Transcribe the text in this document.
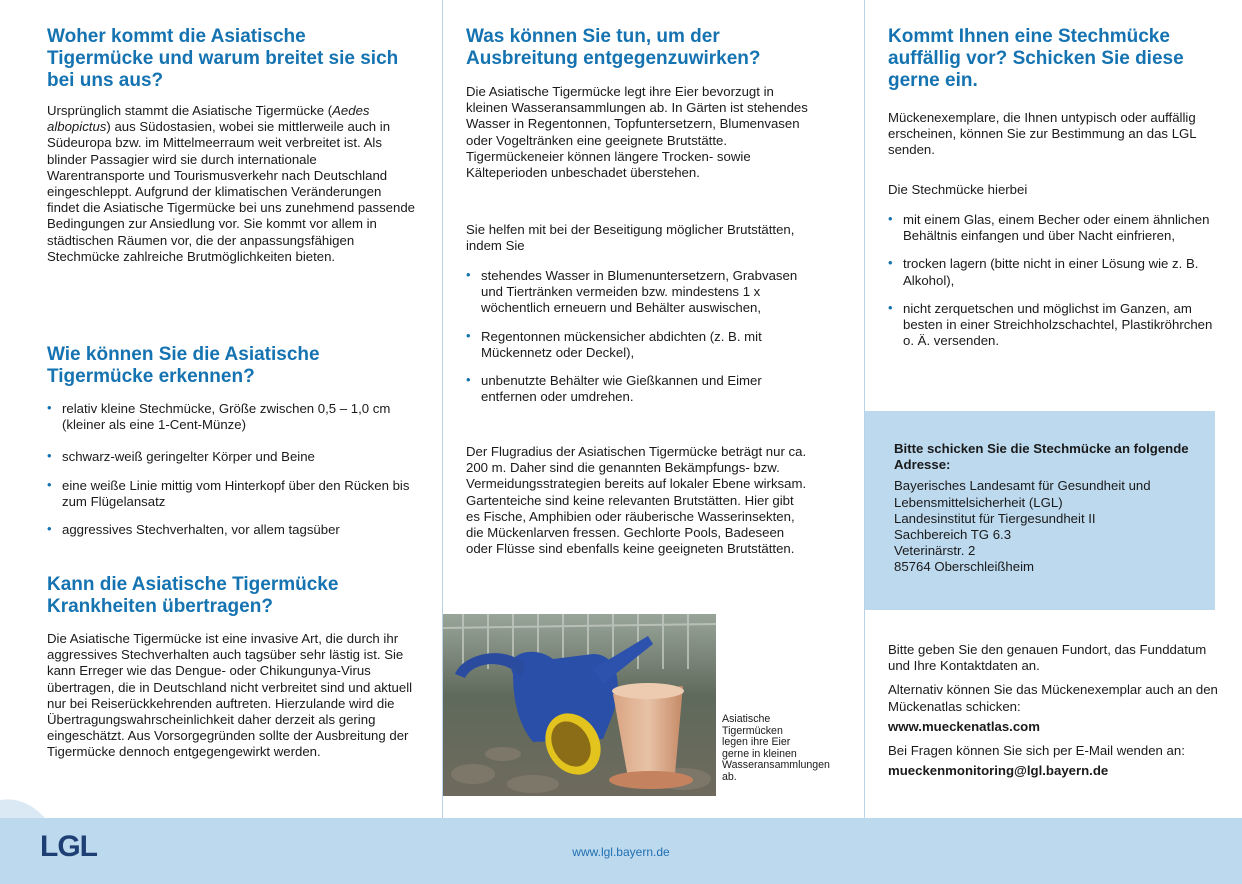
Woher kommt die Asiatische Tigermücke und warum breitet sie sich bei uns aus?

Ursprünglich stammt die Asiatische Tigermücke (Aedes albopictus) aus Südostasien, wobei sie mittlerweile auch in Südeuropa bzw. im Mittelmeerraum weit verbreitet ist. Als blinder Passagier wird sie durch internationale Warentransporte und Tourismusverkehr nach Deutschland eingeschleppt. Aufgrund der klimatischen Veränderungen findet die Asiatische Tigermücke bei uns zunehmend passende Bedingungen zur Ansiedlung vor. Sie kommt vor allem in städtischen Räumen vor, die der anpassungsfähigen Stechmücke zahlreiche Brutmöglichkeiten bieten.

Wie können Sie die Asiatische Tigermücke erkennen?
• relativ kleine Stechmücke, Größe zwischen 0,5 – 1,0 cm (kleiner als eine 1-Cent-Münze)
• schwarz-weiß geringelter Körper und Beine
• eine weiße Linie mittig vom Hinterkopf über den Rücken bis zum Flügelansatz
• aggressives Stechverhalten, vor allem tagsüber
Kann die Asiatische Tigermücke Krankheiten übertragen?

Die Asiatische Tigermücke ist eine invasive Art, die durch ihr aggressives Stechverhalten auch tagsüber sehr lästig ist. Sie kann Erreger wie das Dengue- oder Chikungunya-Virus übertragen, die in Deutschland nicht verbreitet sind und aktuell nur bei Reiserückkehrenden auftreten. Hierzulande wird die Übertragungswahrscheinlichkeit daher derzeit als gering eingeschätzt. Aus Vorsorgegründen sollte der Ausbreitung der Tigermücke dennoch entgegengewirkt werden.

Was können Sie tun, um der Ausbreitung entgegenzuwirken?

Die Asiatische Tigermücke legt ihre Eier bevorzugt in kleinen Wasseransammlungen ab. In Gärten ist stehendes Wasser in Regentonnen, Topfuntersetzern, Blumenvasen oder Vogeltränken eine geeignete Brutstätte. Tigermückeneier können längere Trocken- sowie Kälteperioden unbeschadet überstehen.

Sie helfen mit bei der Beseitigung möglicher Brutstätten, indem Sie

• stehendes Wasser in Blumenuntersetzern, Grabvasen und Tiertränken vermeiden bzw. mindestens 1 x wöchentlich erneuern und Behälter auswischen,
• Regentonnen mückensicher abdichten (z. B. mit Mückennetz oder Deckel),
• unbenutzte Behälter wie Gießkannen und Eimer entfernen oder umdrehen.

Der Flugradius der Asiatischen Tigermücke beträgt nur ca. 200 m. Daher sind die genannten Bekämpfungs- bzw. Vermeidungsstrategien bereits auf lokaler Ebene wirksam. Gartenteiche sind keine relevanten Brutstätten. Hier gibt es Fische, Amphibien oder räuberische Wasserinsekten, die Mückenlarven fressen. Gechlorte Pools, Badeseen oder Flüsse sind ebenfalls keine geeigneten Brutstätten.

Asiatische Tigermücken legen ihre Eier gerne in kleinen Wasseransammlungen ab.
Kommt Ihnen eine Stechmücke auffällig vor? Schicken Sie diese gerne ein.

Mückenexemplare, die Ihnen untypisch oder auffällig erscheinen, können Sie zur Bestimmung an das LGL senden.

Die Stechmücke hierbei

• mit einem Glas, einem Becher oder einem ähnlichen Behältnis einfangen und über Nacht einfrieren,
• trocken lagern (bitte nicht in einer Lösung wie z. B. Alkohol),
• nicht zerquetschen und möglichst im Ganzen, am besten in einer Streichholzschachtel, Plastikröhrchen o. Ä. versenden.

Bitte schicken Sie die Stechmücke an folgende Adresse:

Bayerisches Landesamt für Gesundheit und Lebensmittelsicherheit (LGL)

Landesinstitut für Tiergesundheit II

Sachbereich TG 6.3

Veterinärstr. 2

85764 Oberschleißheim

Bitte geben Sie den genauen Fundort, das Funddatum und Ihre Kontaktdaten an.

Alternativ können Sie das Mückenexemplar auch an den Mückenatlas schicken:

www.mueckenatlas.com

Bei Fragen können Sie sich per E-Mail wenden an:

mueckenmonitoring@lgl.bayern.de

LGL	www.lgl.bayern.de
